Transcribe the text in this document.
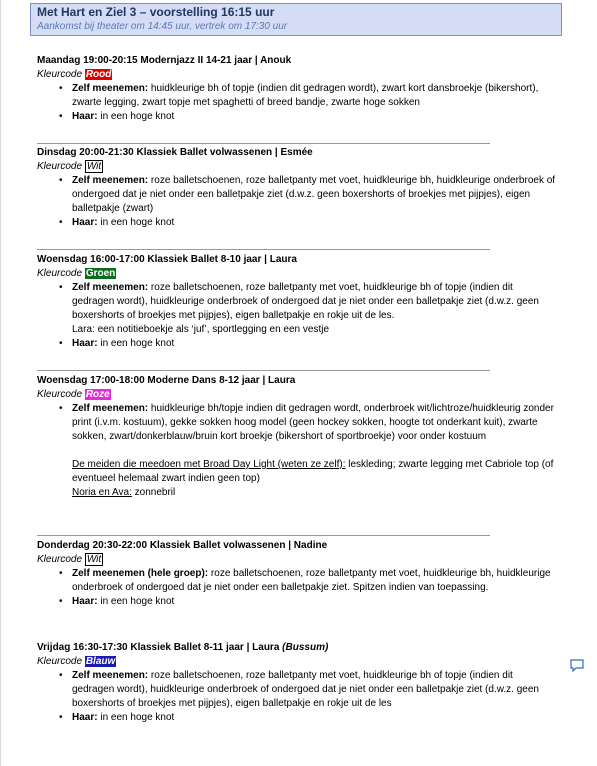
Met Hart en Ziel 3 – voorstelling 16:15 uur
Aankomst bij theater om 14:45 uur, vertrek om 17:30 uur
Maandag 19:00-20:15 Modernjazz II 14-21 jaar | Anouk
Kleurcode Rood
• Zelf meenemen: huidkleurige bh of topje (indien dit gedragen wordt), zwart kort dansbroekje (bikershort), zwarte legging, zwart topje met spaghetti of breed bandje, zwarte hoge sokken
• Haar: in een hoge knot
Dinsdag 20:00-21:30 Klassiek Ballet volwassenen | Esmée
Kleurcode Wit
• Zelf meenemen: roze balletschoenen, roze balletpanty met voet, huidkleurige bh, huidkleurige onderbroek of ondergoed dat je niet onder een balletpakje ziet (d.w.z. geen boxershorts of broekjes met pijpjes), eigen balletpakje (zwart)
• Haar: in een hoge knot
Woensdag 16:00-17:00 Klassiek Ballet 8-10 jaar | Laura
Kleurcode Groen
• Zelf meenemen: roze balletschoenen, roze balletpanty met voet, huidkleurige bh of topje (indien dit gedragen wordt), huidkleurige onderbroek of ondergoed dat je niet onder een balletpakje ziet (d.w.z. geen boxershorts of broekjes met pijpjes), eigen balletpakje en rokje uit de les.
Lara: een notitieboekje als ‘juf’, sportlegging en een vestje
• Haar: in een hoge knot
Woensdag 17:00-18:00 Moderne Dans 8-12 jaar | Laura
Kleurcode Roze
• Zelf meenemen: huidkleurige bh/topje indien dit gedragen wordt, onderbroek wit/lichtroze/huidkleurig zonder print (i.v.m. kostuum), gekke sokken hoog model (geen hockey sokken, hoogte tot onderkant kuit), zwarte sokken, zwart/donkerblauw/bruin kort broekje (bikershort of sportbroekje) voor onder kostuum

De meiden die meedoen met Broad Day Light (weten ze zelf): leskleding; zwarte legging met Cabriole top (of eventueel helemaal zwart indien geen top)
Noria en Ava: zonnebril
Donderdag 20:30-22:00 Klassiek Ballet volwassenen | Nadine
Kleurcode Wit
• Zelf meenemen (hele groep): roze balletschoenen, roze balletpanty met voet, huidkleurige bh, huidkleurige onderbroek of ondergoed dat je niet onder een balletpakje ziet. Spitzen indien van toepassing.
• Haar: in een hoge knot
Vrijdag 16:30-17:30 Klassiek Ballet 8-11 jaar | Laura (Bussum)
Kleurcode Blauw
• Zelf meenemen: roze balletschoenen, roze balletpanty met voet, huidkleurige bh of topje (indien dit gedragen wordt), huidkleurige onderbroek of ondergoed dat je niet onder een balletpakje ziet (d.w.z. geen boxershorts of broekjes met pijpjes), eigen balletpakje en rokje uit de les
• Haar: in een hoge knot
